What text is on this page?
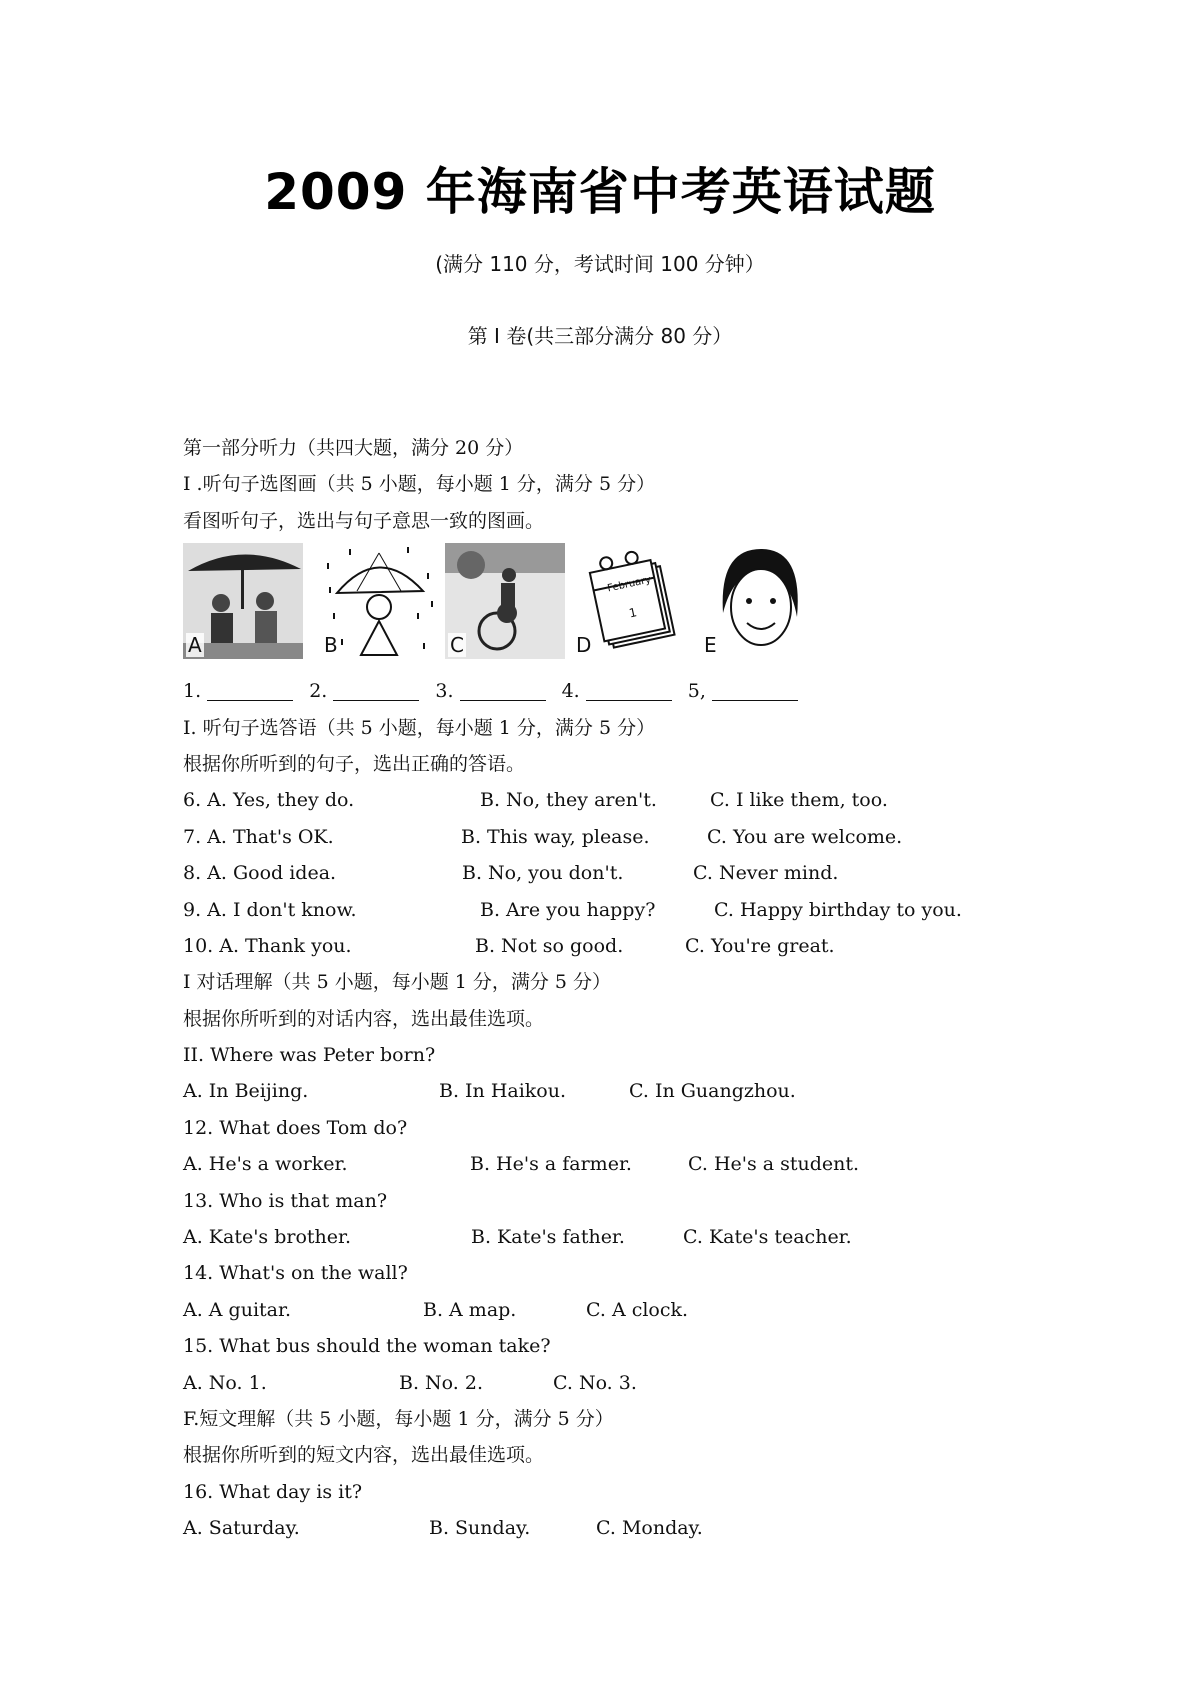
2009 年海南省中考英语试题
(满分 110 分，考试时间 100 分钟）
第 I 卷(共三部分满分 80 分）
第一部分听力（共四大题，满分 20 分）
I .听句子选图画（共 5 小题，每小题 1 分，满分 5 分）
看图听句子，选出与句子意思一致的图画。
A	B	C
February
1
D	E
1.	2.	3.	4.	5,
I. 听句子选答语（共 5 小题，每小题 1 分，满分 5 分）
根据你所听到的句子，选出正确的答语。
6. A. Yes, they do.	B. No, they aren't.	C. I like them, too.
7. A. That's OK.	B. This way, please.	C. You are welcome.
8. A. Good idea.	B. No, you don't.	C. Never mind.
9. A. I don't know.	B. Are you happy?	C. Happy birthday to you.
10. A. Thank you.	B. Not so good.	C. You're great.
I 对话理解（共 5 小题，每小题 1 分，满分 5 分）
根据你所听到的对话内容，选出最佳选项。
II. Where was Peter born?
A. In Beijing.	B. In Haikou.	C. In Guangzhou.
12. What does Tom do?
A. He's a worker.	B. He's a farmer.	C. He's a student.
13. Who is that man?
A. Kate's brother.	B. Kate's father.	C. Kate's teacher.
14. What's on the wall?
A. A guitar.	B. A map.	C. A clock.
15. What bus should the woman take?
A. No. 1.	B. No. 2.	C. No. 3.
F.短文理解（共 5 小题，每小题 1 分，满分 5 分）
根据你所听到的短文内容，选出最佳选项。
16. What day is it?
A. Saturday.	B. Sunday.	C. Monday.
